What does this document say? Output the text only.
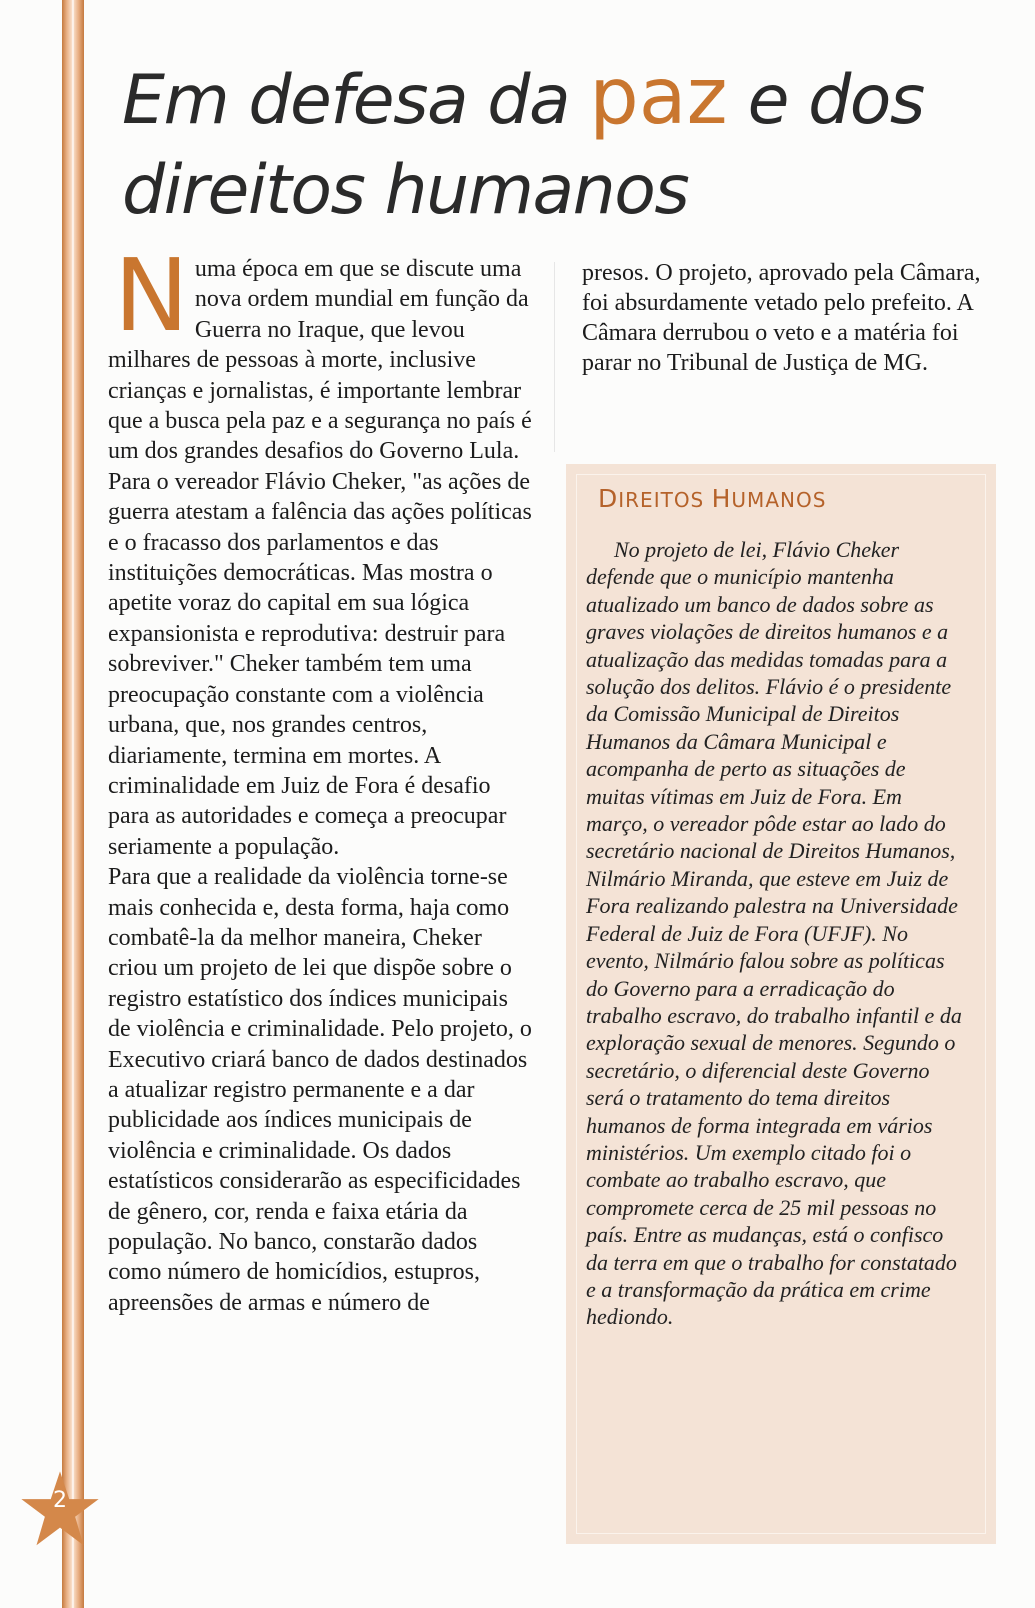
2
Em defesa da paz e dos
direitos humanos
N uma época em que se discute uma nova ordem mundial em função da Guerra no Iraque, que levou milhares de pessoas à morte, inclusive crianças e jornalistas, é importante lembrar que a busca pela paz e a segurança no país é um dos grandes desafios do Governo Lula. Para o vereador Flávio Cheker, "as ações de guerra atestam a falência das ações políticas e o fracasso dos parlamentos e das instituições democráticas. Mas mostra o apetite voraz do capital em sua lógica expansionista e reprodutiva: destruir para sobreviver." Cheker também tem uma preocupação constante com a violência urbana, que, nos grandes centros, diariamente, termina em mortes. A criminalidade em Juiz de Fora é desafio para as autoridades e começa a preocupar seriamente a população.

Para que a realidade da violência torne-se mais conhecida e, desta forma, haja como combatê-la da melhor maneira, Cheker criou um projeto de lei que dispõe sobre o registro estatístico dos índices municipais de violência e criminalidade. Pelo projeto, o Executivo criará banco de dados destinados a atualizar registro permanente e a dar publicidade aos índices municipais de violência e criminalidade. Os dados estatísticos considerarão as especificidades de gênero, cor, renda e faixa etária da população. No banco, constarão dados como número de homicídios, estupros, apreensões de armas e número de

presos. O projeto, aprovado pela Câmara, foi absurdamente vetado pelo prefeito. A Câmara derrubou o veto e a matéria foi parar no Tribunal de Justiça de MG.

DIREITOS HUMANOS

No projeto de lei, Flávio Cheker defende que o município mantenha atualizado um banco de dados sobre as graves violações de direitos humanos e a atualização das medidas tomadas para a solução dos delitos. Flávio é o presidente da Comissão Municipal de Direitos Humanos da Câmara Municipal e acompanha de perto as situações de muitas vítimas em Juiz de Fora. Em março, o vereador pôde estar ao lado do secretário nacional de Direitos Humanos, Nilmário Miranda, que esteve em Juiz de Fora realizando palestra na Universidade Federal de Juiz de Fora (UFJF). No evento, Nilmário falou sobre as políticas do Governo para a erradicação do trabalho escravo, do trabalho infantil e da exploração sexual de menores. Segundo o secretário, o diferencial deste Governo será o tratamento do tema direitos humanos de forma integrada em vários ministérios. Um exemplo citado foi o combate ao trabalho escravo, que compromete cerca de 25 mil pessoas no país. Entre as mudanças, está o confisco da terra em que o trabalho for constatado e a transformação da prática em crime hediondo.
